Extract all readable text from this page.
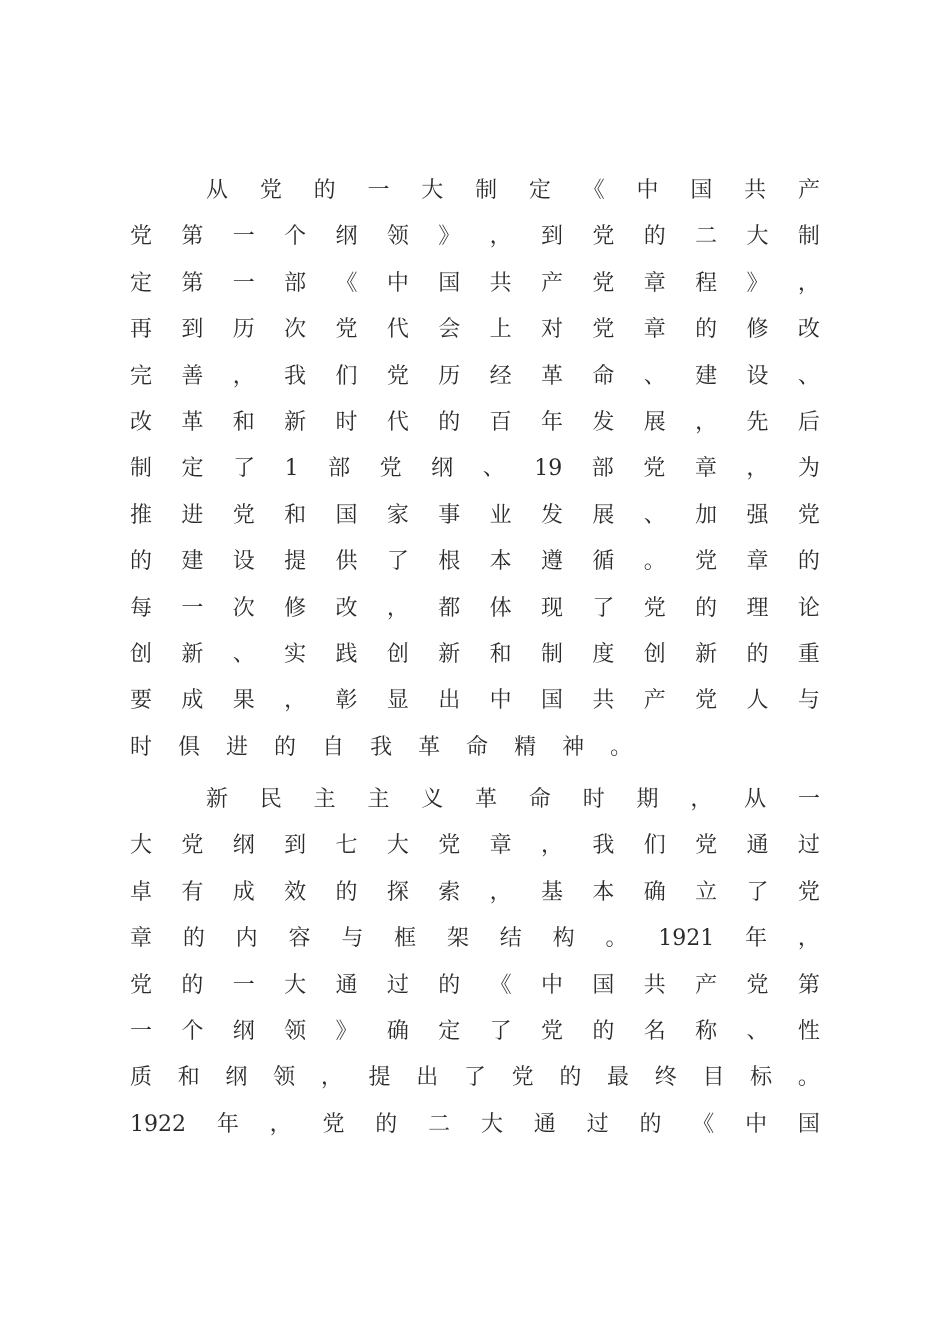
从 党 的 一 大 制 定 《 中 国 共 产
党 第 一 个 纲 领 》 ， 到 党 的 二 大 制
定 第 一 部 《 中 国 共 产 党 章 程 》 ，
再 到 历 次 党 代 会 上 对 党 章 的 修 改
完 善 ， 我 们 党 历 经 革 命 、 建 设 、
改 革 和 新 时 代 的 百 年 发 展 ， 先 后
制 定 了 1 部 党 纲 、 19 部 党 章 ， 为
推 进 党 和 国 家 事 业 发 展 、 加 强 党
的 建 设 提 供 了 根 本 遵 循 。 党 章 的
每 一 次 修 改 ， 都 体 现 了 党 的 理 论
创 新 、 实 践 创 新 和 制 度 创 新 的 重
要 成 果 ， 彰 显 出 中 国 共 产 党 人 与
时 俱 进 的 自 我 革 命 精 神 。
新 民 主 主 义 革 命 时 期 ， 从 一
大 党 纲 到 七 大 党 章 ， 我 们 党 通 过
卓 有 成 效 的 探 索 ， 基 本 确 立 了 党
章 的 内 容 与 框 架 结 构 。 1921 年 ，
党 的 一 大 通 过 的 《 中 国 共 产 党 第
一 个 纲 领 》 确 定 了 党 的 名 称 、 性
质 和 纲 领 ， 提 出 了 党 的 最 终 目 标 。
1922 年 ， 党 的 二 大 通 过 的 《 中 国
